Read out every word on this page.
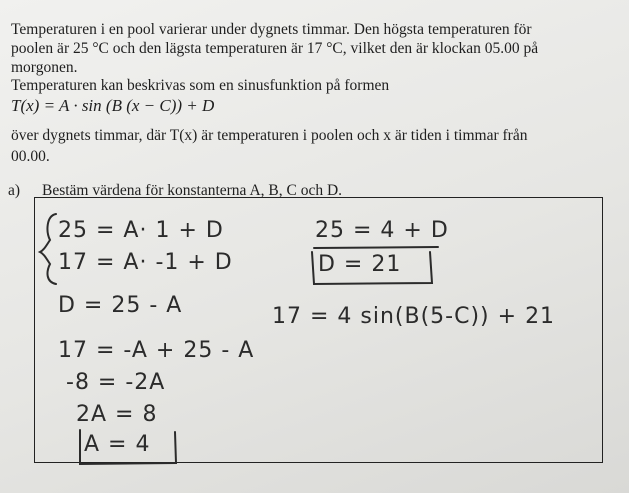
Temperaturen i en pool varierar under dygnets timmar. Den högsta temperaturen för
poolen är 25 °C och den lägsta temperaturen är 17 °C, vilket den är klockan 05.00 på
morgonen.
Temperaturen kan beskrivas som en sinusfunktion på formen
T(x) = A · sin (B (x − C)) + D
över dygnets timmar, där T(x) är temperaturen i poolen och x är tiden i timmar från
00.00.
a) Bestäm värdena för konstanterna A, B, C och D.
25 = A· 1 + D
17 = A· -1 + D
D = 25 - A
17 = -A + 25 - A
-8 = -2A
2A = 8
A = 4
25 = 4 + D
D = 21
17 = 4 sin(B(5-C)) + 21
